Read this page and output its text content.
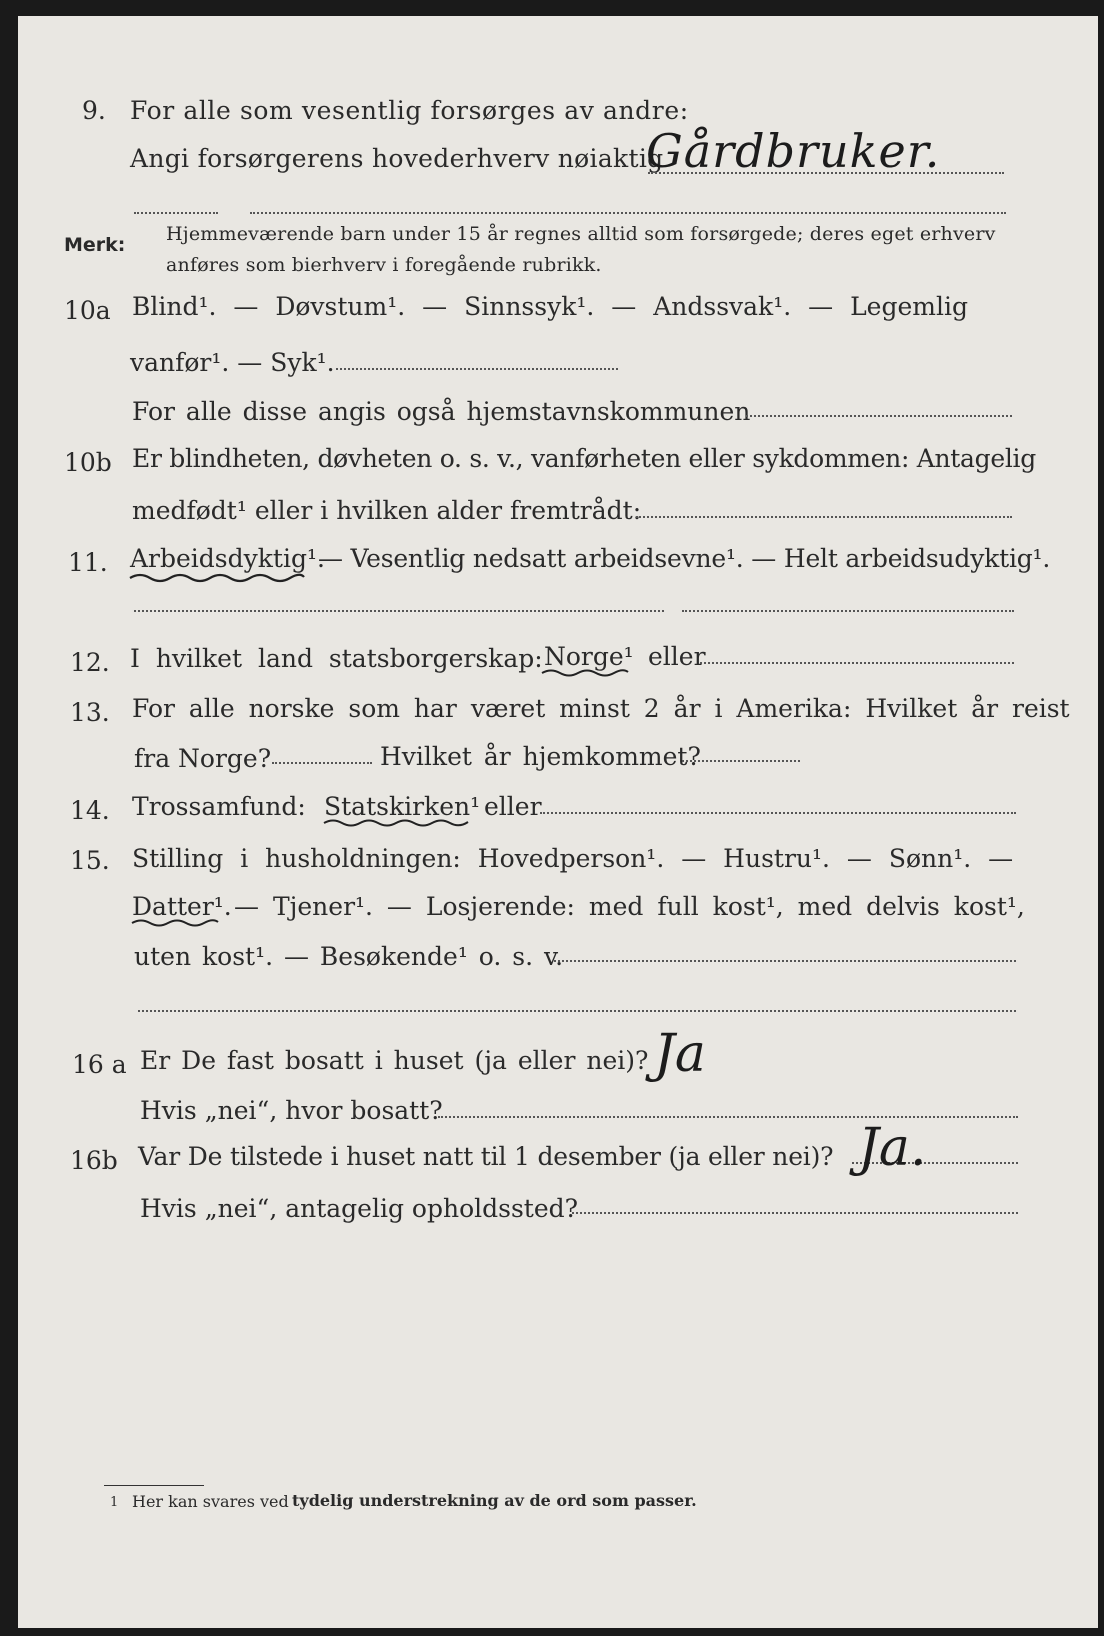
9. For alle som vesentlig forsørges av andre:
Angi forsørgerens hovederhverv nøiaktig
Gårdbruker.
Merk: Hjemmeværende barn under 15 år regnes alltid som forsørgede; deres eget erhverv
anføres som bierhverv i foregående rubrikk.
10a Blind¹. — Døvstum¹. — Sinnssyk¹. — Andssvak¹. — Legemlig
vanfør¹. — Syk¹.
For alle disse angis også hjemstavnskommunen
10b Er blindheten, døvheten o. s. v., vanførheten eller sykdommen: Antagelig
medfødt¹ eller i hvilken alder fremtrådt:
11. Arbeidsdyktig¹.
— Vesentlig nedsatt arbeidsevne¹. — Helt arbeidsudyktig¹.
12. I hvilket land statsborgerskap: Norge¹ eller
13. For alle norske som har været minst 2 år i Amerika: Hvilket år reist
fra Norge?	Hvilket år hjemkommet?
14. Trossamfund: Statskirken¹ eller
15. Stilling i husholdningen: Hovedperson¹. — Hustru¹. — Sønn¹. —
Datter¹. — Tjener¹. — Losjerende: med full kost¹, med delvis kost¹,
uten kost¹. — Besøkende¹ o. s. v.
16 a Er De fast bosatt i huset (ja eller nei)? Ja
Hvis „nei“, hvor bosatt?
16b Var De tilstede i huset natt til 1 desember (ja eller nei)? Ja.
Hvis „nei“, antagelig opholdssted?
1 Her kan svares ved tydelig understrekning av de ord som passer.
